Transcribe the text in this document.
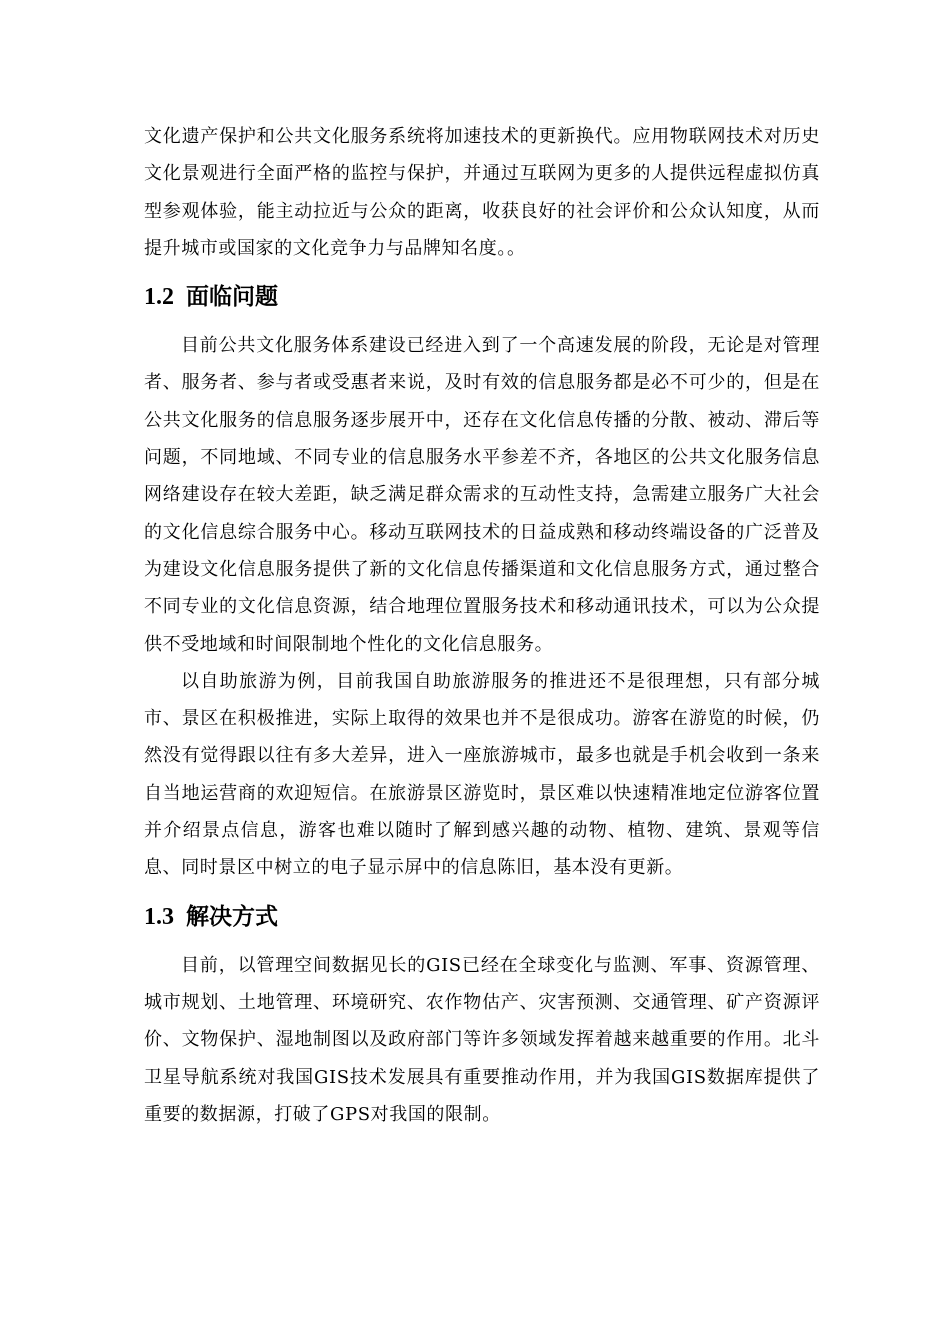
文化遗产保护和公共文化服务系统将加速技术的更新换代。应用物联网技术对历史文化景观进行全面严格的监控与保护，并通过互联网为更多的人提供远程虚拟仿真型参观体验，能主动拉近与公众的距离，收获良好的社会评价和公众认知度，从而提升城市或国家的文化竞争力与品牌知名度。。

1.2 面临问题

目前公共文化服务体系建设已经进入到了一个高速发展的阶段，无论是对管理者、服务者、参与者或受惠者来说，及时有效的信息服务都是必不可少的，但是在公共文化服务的信息服务逐步展开中，还存在文化信息传播的分散、被动、滞后等问题，不同地域、不同专业的信息服务水平参差不齐，各地区的公共文化服务信息网络建设存在较大差距，缺乏满足群众需求的互动性支持，急需建立服务广大社会的文化信息综合服务中心。移动互联网技术的日益成熟和移动终端设备的广泛普及为建设文化信息服务提供了新的文化信息传播渠道和文化信息服务方式，通过整合不同专业的文化信息资源，结合地理位置服务技术和移动通讯技术，可以为公众提供不受地域和时间限制地个性化的文化信息服务。

以自助旅游为例，目前我国自助旅游服务的推进还不是很理想，只有部分城市、景区在积极推进，实际上取得的效果也并不是很成功。游客在游览的时候，仍然没有觉得跟以往有多大差异，进入一座旅游城市，最多也就是手机会收到一条来自当地运营商的欢迎短信。在旅游景区游览时，景区难以快速精准地定位游客位置并介绍景点信息，游客也难以随时了解到感兴趣的动物、植物、建筑、景观等信息、同时景区中树立的电子显示屏中的信息陈旧，基本没有更新。

1.3 解决方式

目前，以管理空间数据见长的GIS已经在全球变化与监测、军事、资源管理、城市规划、土地管理、环境研究、农作物估产、灾害预测、交通管理、矿产资源评价、文物保护、湿地制图以及政府部门等许多领域发挥着越来越重要的作用。北斗卫星导航系统对我国GIS技术发展具有重要推动作用，并为我国GIS数据库提供了重要的数据源，打破了GPS对我国的限制。
